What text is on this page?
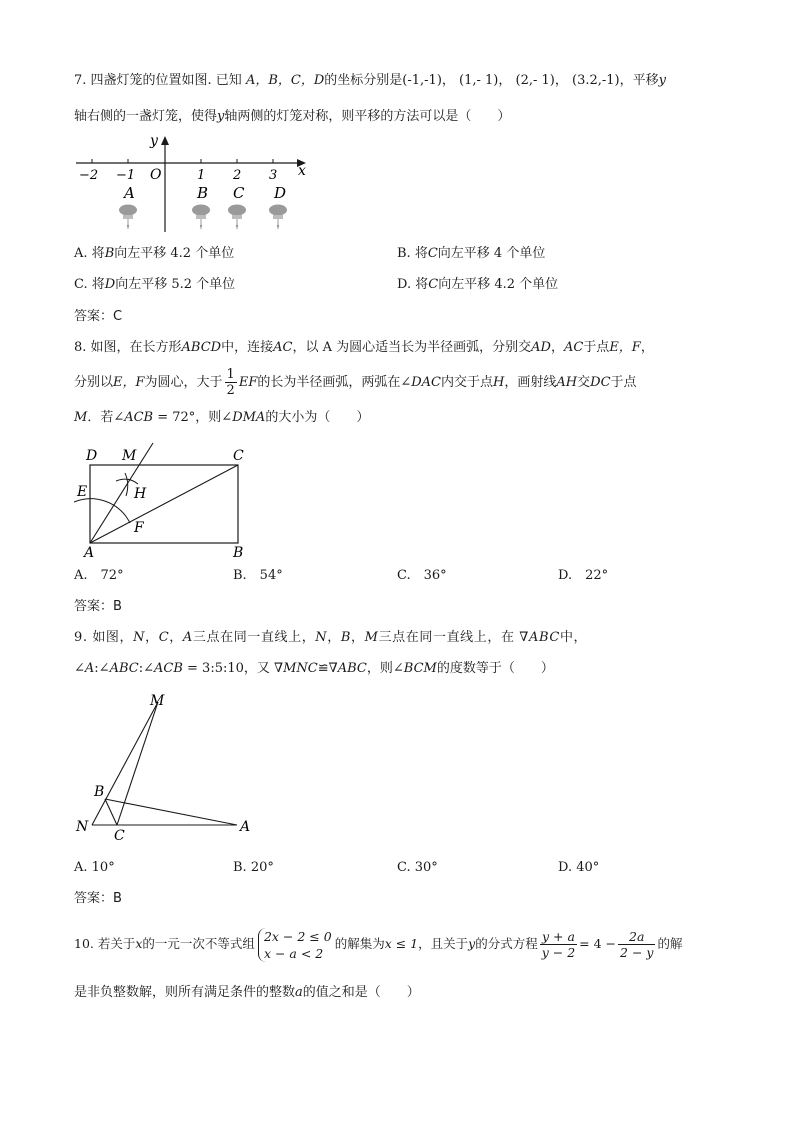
7. 四盏灯笼的位置如图. 已知 A，B，C，D的坐标分别是(-1,-1)， (1,- 1)， (2,- 1)， (3.2,-1)，平移y
轴右侧的一盏灯笼，使得y轴两侧的灯笼对称，则平移的方法可以是（　　）
y
x
O
−2 −1	1 2 3
A	B C D
A. 将B向左平移 4.2 个单位	B. 将C向左平移 4 个单位
C. 将D向左平移 5.2 个单位	D. 将C向左平移 4.2 个单位
答案：C
8. 如图，在长方形ABCD中，连接AC，以 A 为圆心适当长为半径画弧，分别交AD，AC于点E，F，
分别以E，F为圆心，大于 $\frac{1}{2}$ EF的长为半径画弧，两弧在∠DAC内交于点H，画射线AH交DC于点
M．若∠ACB = 72°，则∠DMA的大小为（　　）
D M	C
E	H
F
A	B
A.　72°	B.　54°	C.　36°	D.　22°
答案：B
9. 如图，N，C，A三点在同一直线上，N，B，M三点在同一直线上，在 ∇ABC中，
∠A:∠ABC:∠ACB = 3:5:10，又 ∇MNC≌∇ABC，则∠BCM的度数等于（　　）
M
B
N
C
A
A. 10°	B. 20°	C. 30°	D. 40°
答案：B
10. 若关于x的一元一次不等式组 2x − 2 ≤ 0
x − a < 2
的解集为x ≤ 1，且关于y的分式方程 $\frac{y + a}{y - 2} = 4 - \frac{2a}{2 - y}$ 的解
是非负整数解，则所有满足条件的整数a的值之和是（　　）
